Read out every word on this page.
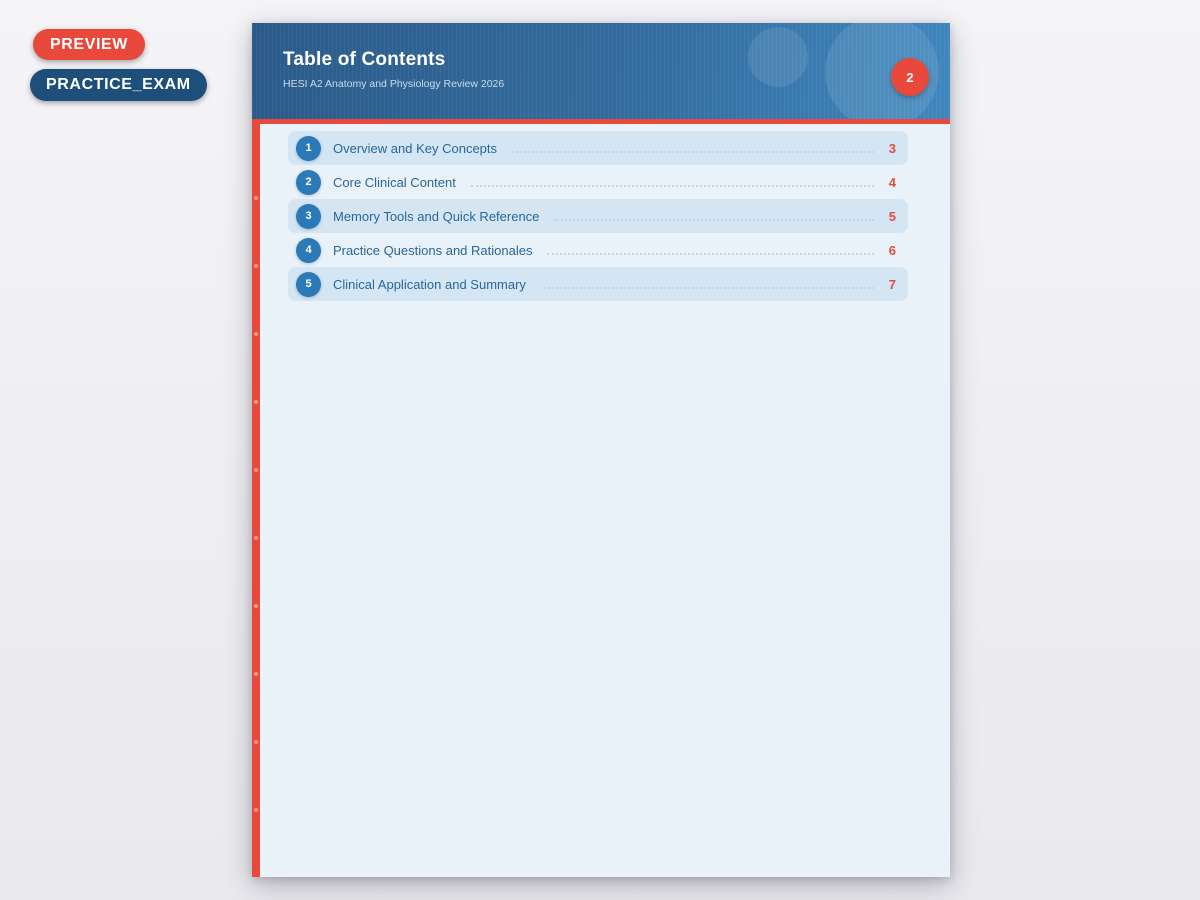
PREVIEW
PRACTICE_EXAM
Table of Contents
HESI A2 Anatomy and Physiology Review 2026	2
1	Overview and Key Concepts	3
2	Core Clinical Content	4
3	Memory Tools and Quick Reference	5
4	Practice Questions and Rationales	6
5	Clinical Application and Summary	7
